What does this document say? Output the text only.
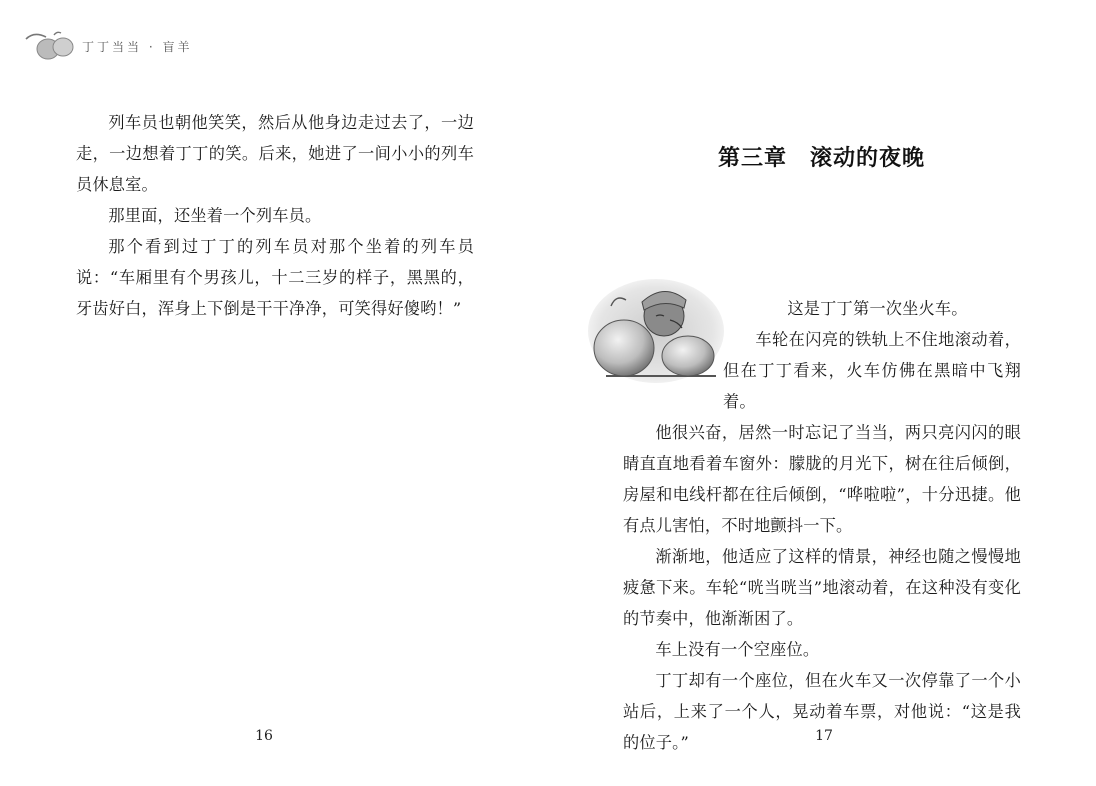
丁丁当当 · 盲羊

列车员也朝他笑笑，然后从他身边走过去了，一边走，一边想着丁丁的笑。后来，她进了一间小小的列车员休息室。

那里面，还坐着一个列车员。

那个看到过丁丁的列车员对那个坐着的列车员说：“车厢里有个男孩儿，十二三岁的样子，黑黑的，牙齿好白，浑身上下倒是干干净净，可笑得好傻哟！”

16
第三章　滚动的夜晚

这是丁丁第一次坐火车。

车轮在闪亮的铁轨上不住地滚动着，但在丁丁看来，火车仿佛在黑暗中飞翔着。

他很兴奋，居然一时忘记了当当，两只亮闪闪的眼睛直直地看着车窗外：朦胧的月光下，树在往后倾倒，房屋和电线杆都在往后倾倒，“哗啦啦”，十分迅捷。他有点儿害怕，不时地颤抖一下。

渐渐地，他适应了这样的情景，神经也随之慢慢地疲惫下来。车轮“咣当咣当”地滚动着，在这种没有变化的节奏中，他渐渐困了。

车上没有一个空座位。

丁丁却有一个座位，但在火车又一次停靠了一个小站后，上来了一个人，晃动着车票，对他说：“这是我的位子。”	17
